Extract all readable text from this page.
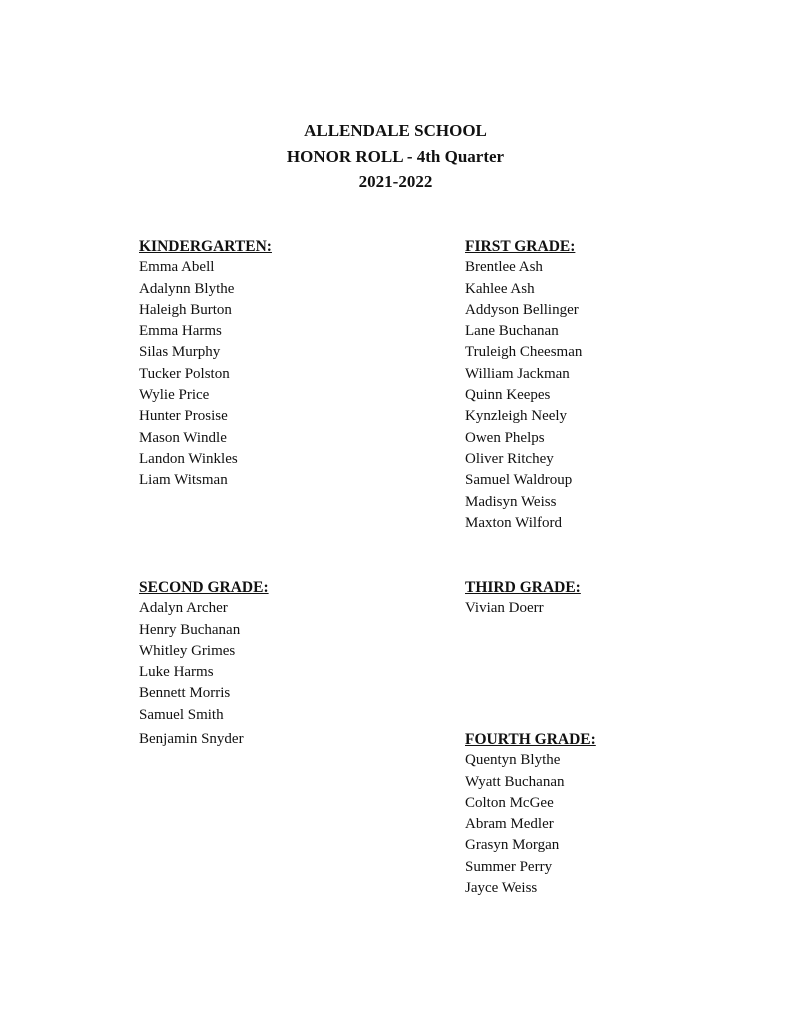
ALLENDALE SCHOOL
HONOR ROLL - 4th Quarter
2021-2022
KINDERGARTEN:
Emma Abell
Adalynn Blythe
Haleigh Burton
Emma Harms
Silas Murphy
Tucker Polston
Wylie Price
Hunter Prosise
Mason Windle
Landon Winkles
Liam Witsman
FIRST GRADE:
Brentlee Ash
Kahlee Ash
Addyson Bellinger
Lane Buchanan
Truleigh Cheesman
William Jackman
Quinn Keepes
Kynzleigh Neely
Owen Phelps
Oliver Ritchey
Samuel Waldroup
Madisyn Weiss
Maxton Wilford
SECOND GRADE:
Adalyn Archer
Henry Buchanan
Whitley Grimes
Luke Harms
Bennett Morris
Samuel Smith
Benjamin Snyder
THIRD GRADE:
Vivian Doerr
FOURTH GRADE:
Quentyn Blythe
Wyatt Buchanan
Colton McGee
Abram Medler
Grasyn Morgan
Summer Perry
Jayce Weiss
